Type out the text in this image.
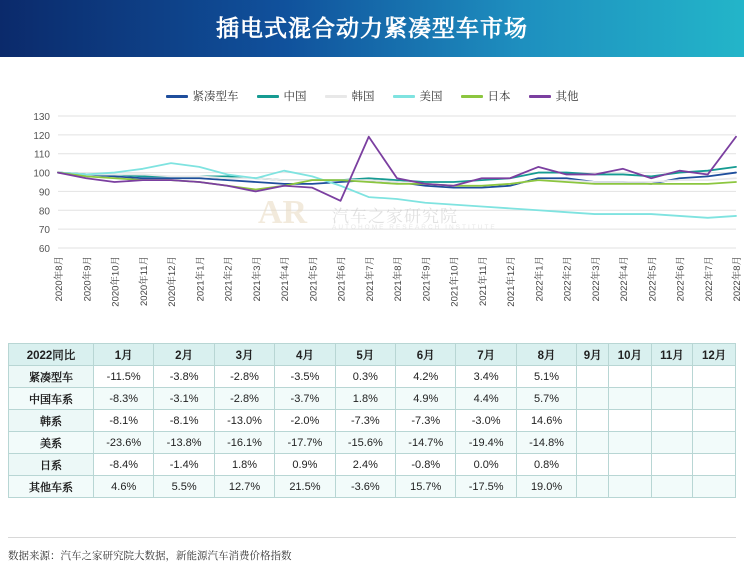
插电式混合动力紧凑型车市场
紧凑型车	中国	韩国	美国	日本	其他
60
70
80
90
100
110
120
130
2020年8月 2020年9月 2020年10月 2020年11月 2020年12月 2021年1月 2021年2月 2021年3月 2021年4月 2021年5月 2021年6月 2021年7月 2021年8月 2021年9月 2021年10月 2021年11月 2021年12月 2022年1月 2022年2月 2022年3月 2022年4月 2022年5月 2022年6月 2022年7月 2022年8月
AR 汽车之家研究院
AUTOHOME RESEARCH INSTITUTE
2022同比	1月	2月	3月	4月	5月	6月	7月	8月	9月	10月	11月	12月
紧凑型车	-11.5%	-3.8%	-2.8%	-3.5%	0.3%	4.2%	3.4%	5.1%				
中国车系	-8.3%	-3.1%	-2.8%	-3.7%	1.8%	4.9%	4.4%	5.7%				
韩系	-8.1%	-8.1%	-13.0%	-2.0%	-7.3%	-7.3%	-3.0%	14.6%				
美系	-23.6%	-13.8%	-16.1%	-17.7%	-15.6%	-14.7%	-19.4%	-14.8%				
日系	-8.4%	-1.4%	1.8%	0.9%	2.4%	-0.8%	0.0%	0.8%				
其他车系	4.6%	5.5%	12.7%	21.5%	-3.6%	15.7%	-17.5%	19.0%				
数据来源：汽车之家研究院大数据，新能源汽车消费价格指数
